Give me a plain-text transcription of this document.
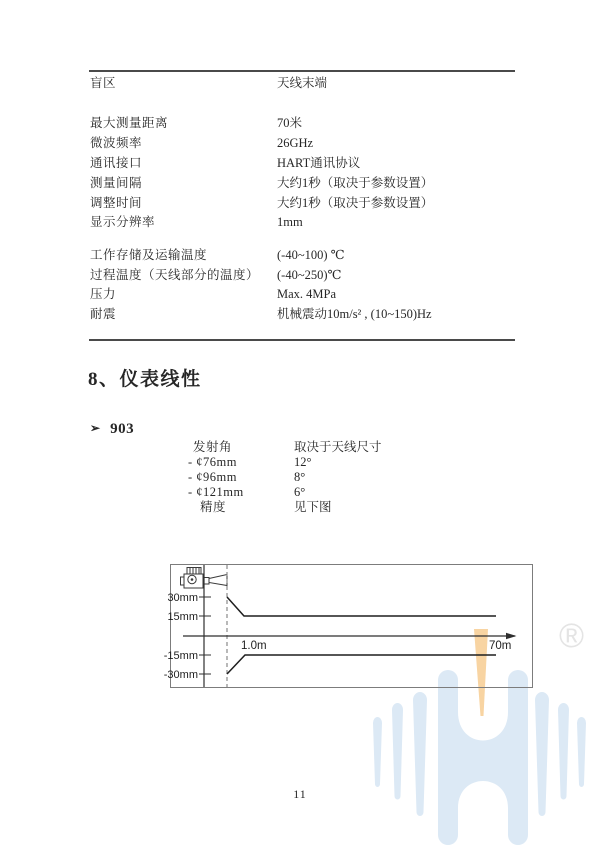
®
盲区	天线末端
最大测量距离	70米
微波频率	26GHz
通讯接口	HART通讯协议
测量间隔	大约1秒（取决于参数设置）
调整时间	大约1秒（取决于参数设置）
显示分辨率	1mm
工作存储及运输温度	(-40~100) ℃
过程温度（天线部分的温度） (-40~250)℃
压力	Max. 4MPa
耐震	机械震动10m/s² , (10~150)Hz
8、仪表线性
➢ 903
发射角	取决于天线尺寸
- ¢76mm	12°
- ¢96mm	8°
- ¢121mm	6°
精度	见下图
30mm
15mm
-15mm
-30mm
1.0m	70m
11
